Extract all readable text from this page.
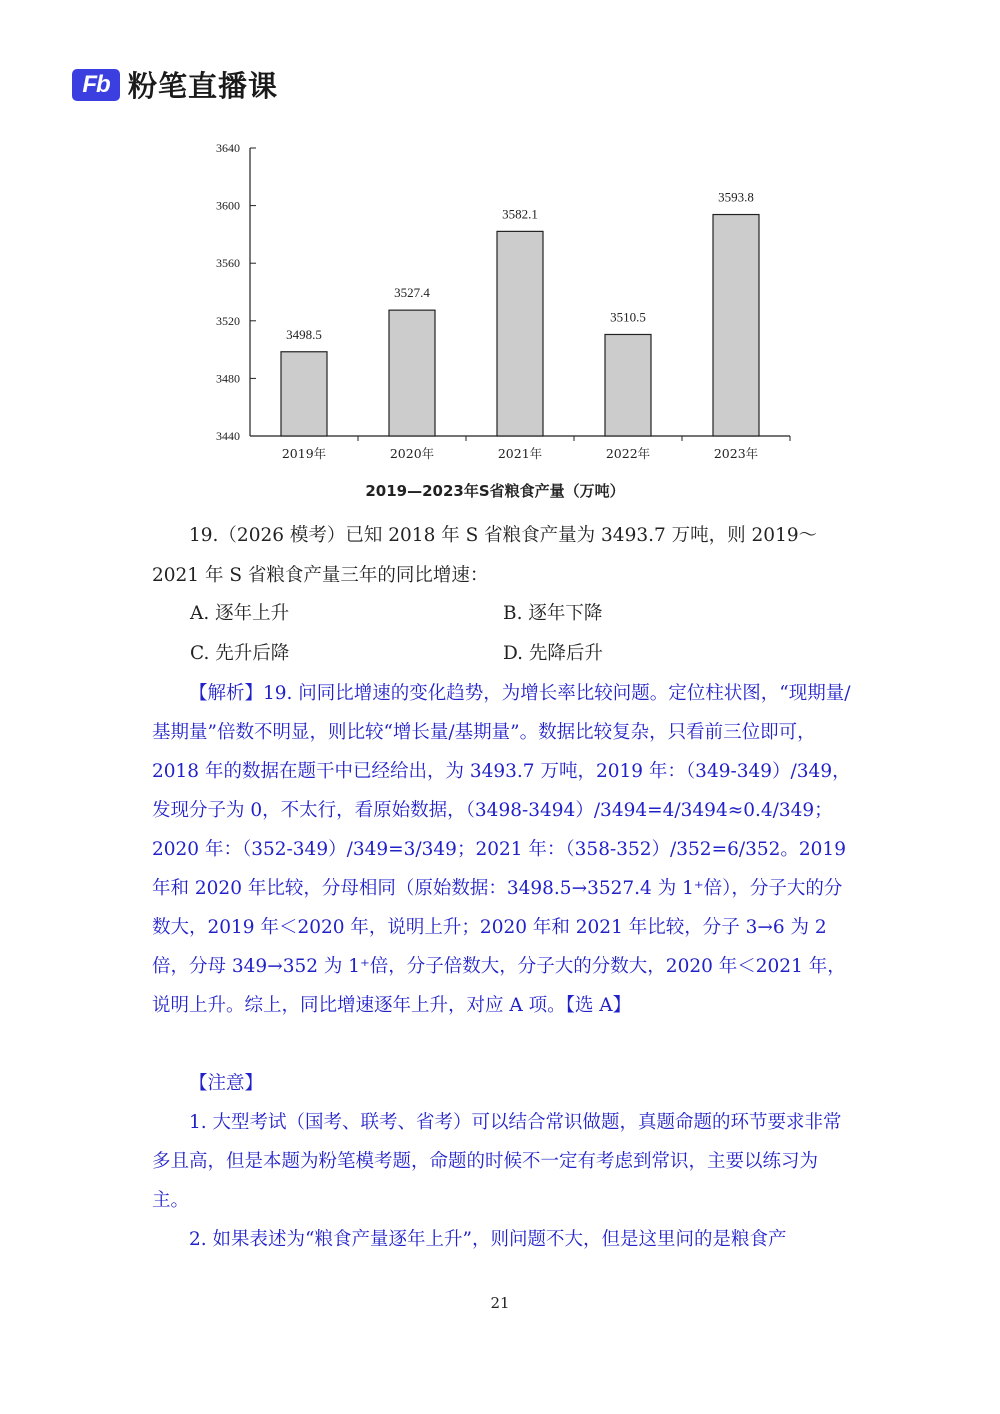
Fb 粉笔直播课
3440
3480
3520
3560
3600
3640
3498.5
2019年
3527.4
2020年
3582.1
2021年
3510.5
2022年
3593.8
2023年
2019—2023年S省粮食产量（万吨）

19.（2026 模考）已知 2018 年 S 省粮食产量为 3493.7 万吨，则 2019～2021 年 S 省粮食产量三年的同比增速：

A. 逐年上升	B. 逐年下降
C. 先升后降	D. 先降后升

【解析】19. 问同比增速的变化趋势，为增长率比较问题。定位柱状图，“现期量/基期量”倍数不明显，则比较“增长量/基期量”。数据比较复杂，只看前三位即可，2018 年的数据在题干中已经给出，为 3493.7 万吨，2019 年：（349-349）/349，发现分子为 0，不太行，看原始数据，（3498-3494）/3494=4/3494≈0.4/349；2020 年：（352-349）/349=3/349；2021 年：（358-352）/352=6/352。2019 年和 2020 年比较，分母相同（原始数据：3498.5→3527.4 为 1⁺倍），分子大的分数大，2019 年＜2020 年，说明上升；2020 年和 2021 年比较，分子 3→6 为 2 倍，分母 349→352 为 1⁺倍，分子倍数大，分子大的分数大，2020 年＜2021 年，说明上升。综上，同比增速逐年上升，对应 A 项。【选 A】

【注意】

1. 大型考试（国考、联考、省考）可以结合常识做题，真题命题的环节要求非常多且高，但是本题为粉笔模考题，命题的时候不一定有考虑到常识，主要以练习为主。

2. 如果表述为“粮食产量逐年上升”，则问题不大，但是这里问的是粮食产

21
